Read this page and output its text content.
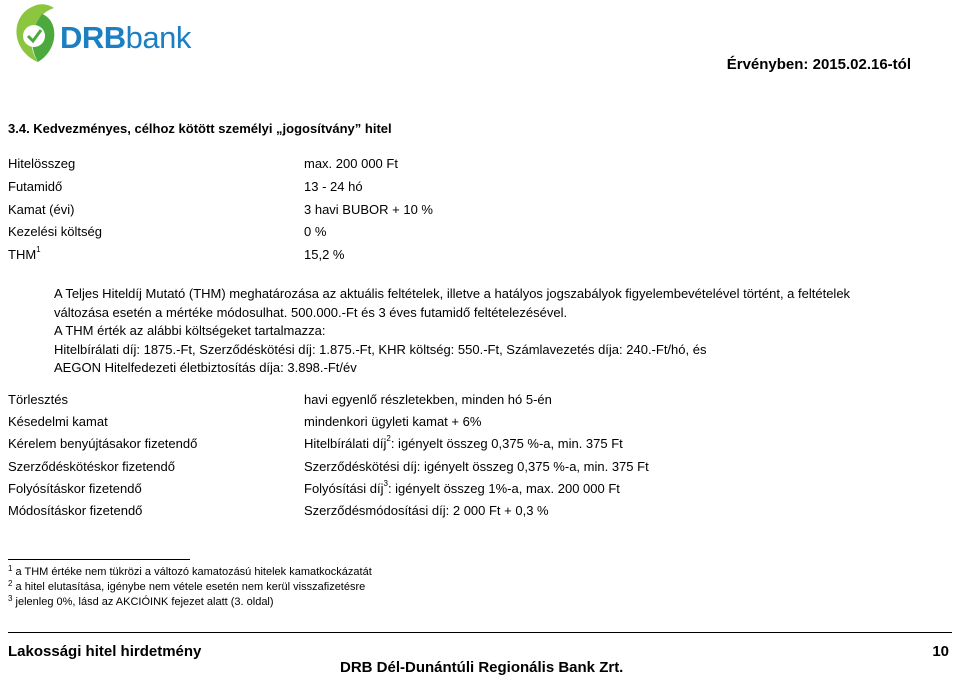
DRBbank
Érvényben: 2015.02.16-tól
3.4. Kedvezményes, célhoz kötött személyi „jogosítvány” hitel
Hitelösszeg	max. 200 000 Ft
Futamidő	13 - 24 hó
Kamat (évi)	3 havi BUBOR + 10 %
Kezelési költség	0 %
THM$^1$	15,2 %
A Teljes Hiteldíj Mutató (THM) meghatározása az aktuális feltételek, illetve a hatályos jogszabályok figyelembevételével történt, a feltételek
változása esetén a mértéke módosulhat. 500.000.-Ft és 3 éves futamidő feltételezésével.
A THM érték az alábbi költségeket tartalmazza:
Hitelbírálati díj: 1875.-Ft, Szerződéskötési díj: 1.875.-Ft, KHR költség: 550.-Ft, Számlavezetés díja: 240.-Ft/hó, és
AEGON Hitelfedezeti életbiztosítás díja: 3.898.-Ft/év
Törlesztés	havi egyenlő részletekben, minden hó 5-én
Késedelmi kamat	mindenkori ügyleti kamat + 6%
Kérelem benyújtásakor fizetendő	Hitelbírálati díj$^2$: igényelt összeg 0,375 %-a, min. 375 Ft
Szerződéskötéskor fizetendő	Szerződéskötési díj: igényelt összeg 0,375 %-a, min. 375 Ft
Folyósításkor fizetendő	Folyósítási díj$^3$: igényelt összeg 1%-a, max. 200 000 Ft
Módosításkor fizetendő	Szerződésmódosítási díj: 2 000 Ft + 0,3 %
$^1$ a THM értéke nem tükrözi a változó kamatozású hitelek kamatkockázatát
$^2$ a hitel elutasítása, igénybe nem vétele esetén nem kerül visszafizetésre
$^3$ jelenleg 0%, lásd az AKCIÓINK fejezet alatt (3. oldal)
Lakossági hitel hirdetmény	10
DRB Dél-Dunántúli Regionális Bank Zrt.
